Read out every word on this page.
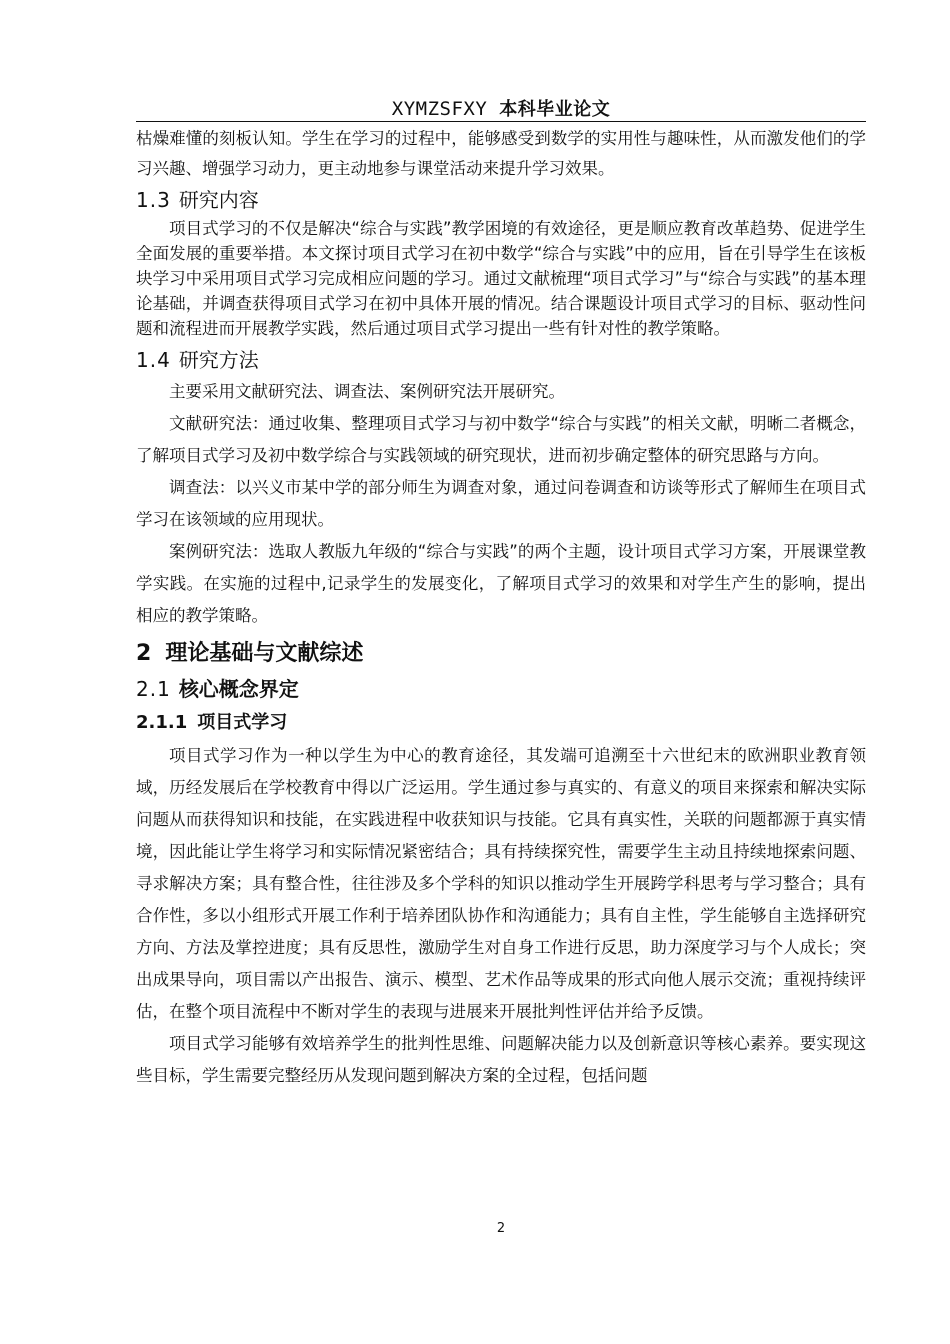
XYMZSFXY 本科毕业论文

枯燥难懂的刻板认知。学生在学习的过程中，能够感受到数学的实用性与趣味性，从而激发他们的学习兴趣、增强学习动力，更主动地参与课堂活动来提升学习效果。

1.3 研究内容

项目式学习的不仅是解决“综合与实践”教学困境的有效途径，更是顺应教育改革趋势、促进学生全面发展的重要举措。本文探讨项目式学习在初中数学“综合与实践”中的应用，旨在引导学生在该板块学习中采用项目式学习完成相应问题的学习。通过文献梳理“项目式学习”与“综合与实践”的基本理论基础，并调查获得项目式学习在初中具体开展的情况。结合课题设计项目式学习的目标、驱动性问题和流程进而开展教学实践，然后通过项目式学习提出一些有针对性的教学策略。

1.4 研究方法

主要采用文献研究法、调查法、案例研究法开展研究。

文献研究法：通过收集、整理项目式学习与初中数学“综合与实践”的相关文献，明晰二者概念，了解项目式学习及初中数学综合与实践领域的研究现状，进而初步确定整体的研究思路与方向。

调查法：以兴义市某中学的部分师生为调查对象，通过问卷调查和访谈等形式了解师生在项目式学习在该领域的应用现状。

案例研究法：选取人教版九年级的“综合与实践”的两个主题，设计项目式学习方案，开展课堂教学实践。在实施的过程中,记录学生的发展变化，了解项目式学习的效果和对学生产生的影响，提出相应的教学策略。

2 理论基础与文献综述
2.1 核心概念界定
2.1.1 项目式学习

项目式学习作为一种以学生为中心的教育途径，其发端可追溯至十六世纪末的欧洲职业教育领域，历经发展后在学校教育中得以广泛运用。学生通过参与真实的、有意义的项目来探索和解决实际问题从而获得知识和技能，在实践进程中收获知识与技能。它具有真实性，关联的问题都源于真实情境，因此能让学生将学习和实际情况紧密结合；具有持续探究性，需要学生主动且持续地探索问题、寻求解决方案；具有整合性，往往涉及多个学科的知识以推动学生开展跨学科思考与学习整合；具有合作性，多以小组形式开展工作利于培养团队协作和沟通能力；具有自主性，学生能够自主选择研究方向、方法及掌控进度；具有反思性，激励学生对自身工作进行反思，助力深度学习与个人成长；突出成果导向，项目需以产出报告、演示、模型、艺术作品等成果的形式向他人展示交流；重视持续评估，在整个项目流程中不断对学生的表现与进展来开展批判性评估并给予反馈。

项目式学习能够有效培养学生的批判性思维、问题解决能力以及创新意识等核心素养。要实现这些目标，学生需要完整经历从发现问题到解决方案的全过程，包括问题

2
